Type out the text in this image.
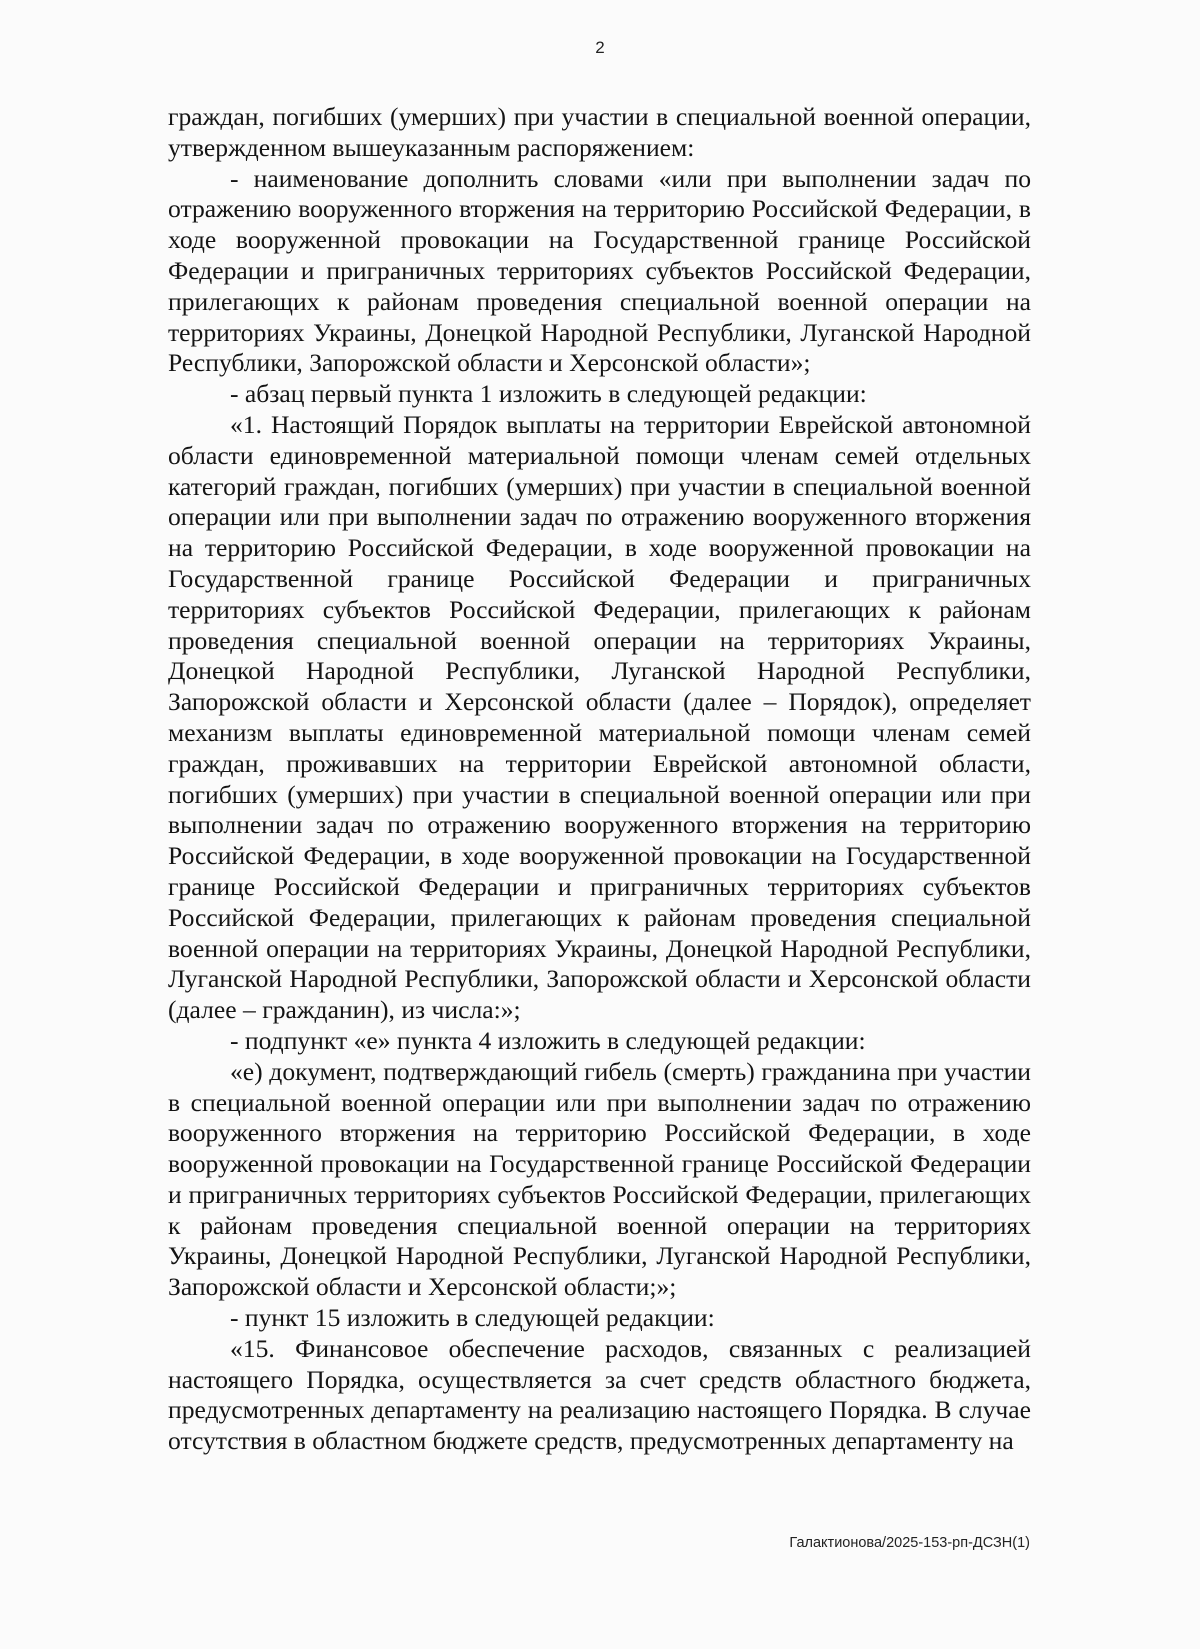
2

граждан, погибших (умерших) при участии в специальной военной операции, утвержденном вышеуказанным распоряжением:

- наименование дополнить словами «или при выполнении задач по отражению вооруженного вторжения на территорию Российской Федерации, в ходе вооруженной провокации на Государственной границе Российской Федерации и приграничных территориях субъектов Российской Федерации, прилегающих к районам проведения специальной военной операции на территориях Украины, Донецкой Народной Республики, Луганской Народной Республики, Запорожской области и Херсонской области»;

- абзац первый пункта 1 изложить в следующей редакции:

«1. Настоящий Порядок выплаты на территории Еврейской автономной области единовременной материальной помощи членам семей отдельных категорий граждан, погибших (умерших) при участии в специальной военной операции или при выполнении задач по отражению вооруженного вторжения на территорию Российской Федерации, в ходе вооруженной провокации на Государственной границе Российской Федерации и приграничных территориях субъектов Российской Федерации, прилегающих к районам проведения специальной военной операции на территориях Украины, Донецкой Народной Республики, Луганской Народной Республики, Запорожской области и Херсонской области (далее – Порядок), определяет механизм выплаты единовременной материальной помощи членам семей граждан, проживавших на территории Еврейской автономной области, погибших (умерших) при участии в специальной военной операции или при выполнении задач по отражению вооруженного вторжения на территорию Российской Федерации, в ходе вооруженной провокации на Государственной границе Российской Федерации и приграничных территориях субъектов Российской Федерации, прилегающих к районам проведения специальной военной операции на территориях Украины, Донецкой Народной Республики, Луганской Народной Республики, Запорожской области и Херсонской области (далее – гражданин), из числа:»;

- подпункт «е» пункта 4 изложить в следующей редакции:

«е) документ, подтверждающий гибель (смерть) гражданина при участии в специальной военной операции или при выполнении задач по отражению вооруженного вторжения на территорию Российской Федерации, в ходе вооруженной провокации на Государственной границе Российской Федерации и приграничных территориях субъектов Российской Федерации, прилегающих к районам проведения специальной военной операции на территориях Украины, Донецкой Народной Республики, Луганской Народной Республики, Запорожской области и Херсонской области;»;

- пункт 15 изложить в следующей редакции:

«15. Финансовое обеспечение расходов, связанных с реализацией настоящего Порядка, осуществляется за счет средств областного бюджета, предусмотренных департаменту на реализацию настоящего Порядка. В случае отсутствия в областном бюджете средств, предусмотренных департаменту на

Галактионова/2025-153-рп-ДСЗН(1)
